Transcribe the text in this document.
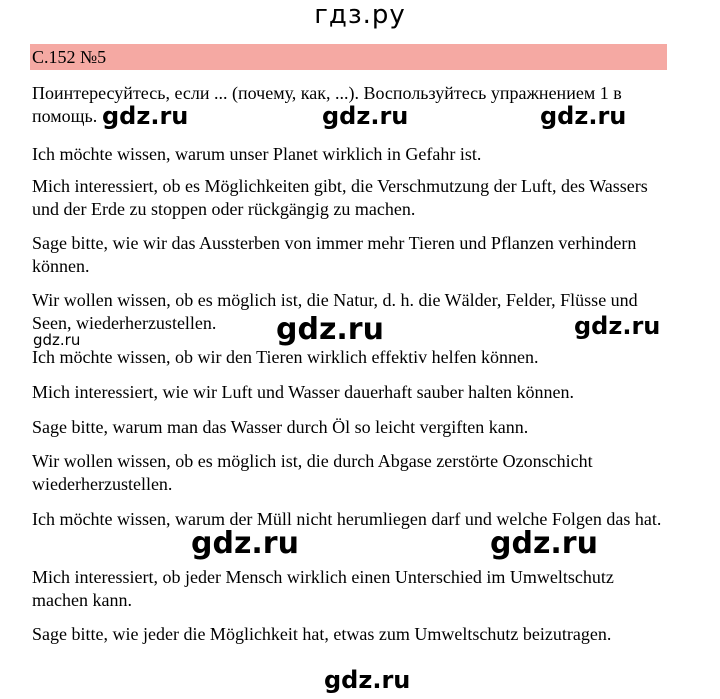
гдз.ру
С.152 №5

Поинтересуйтесь, если ... (почему, как, ...). Воспользуйтесь упражнением 1 в помощь.

Ich möchte wissen, warum unser Planet wirklich in Gefahr ist.

Mich interessiert, ob es Möglichkeiten gibt, die Verschmutzung der Luft, des Wassers und der Erde zu stoppen oder rückgängig zu machen.

Sage bitte, wie wir das Aussterben von immer mehr Tieren und Pflanzen verhindern können.

Wir wollen wissen, ob es möglich ist, die Natur, d. h. die Wälder, Felder, Flüsse und Seen, wiederherzustellen.

Ich möchte wissen, ob wir den Tieren wirklich effektiv helfen können.

Mich interessiert, wie wir Luft und Wasser dauerhaft sauber halten können.

Sage bitte, warum man das Wasser durch Öl so leicht vergiften kann.

Wir wollen wissen, ob es möglich ist, die durch Abgase zerstörte Ozonschicht wiederherzustellen.

Ich möchte wissen, warum der Müll nicht herumliegen darf und welche Folgen das hat.

Mich interessiert, ob jeder Mensch wirklich einen Unterschied im Umweltschutz machen kann.

Sage bitte, wie jeder die Möglichkeit hat, etwas zum Umweltschutz beizutragen.

gdz.ru	gdz.ru	gdz.ru
gdz.ru	gdz.ru
gdz.ru
gdz.ru	gdz.ru
gdz.ru
